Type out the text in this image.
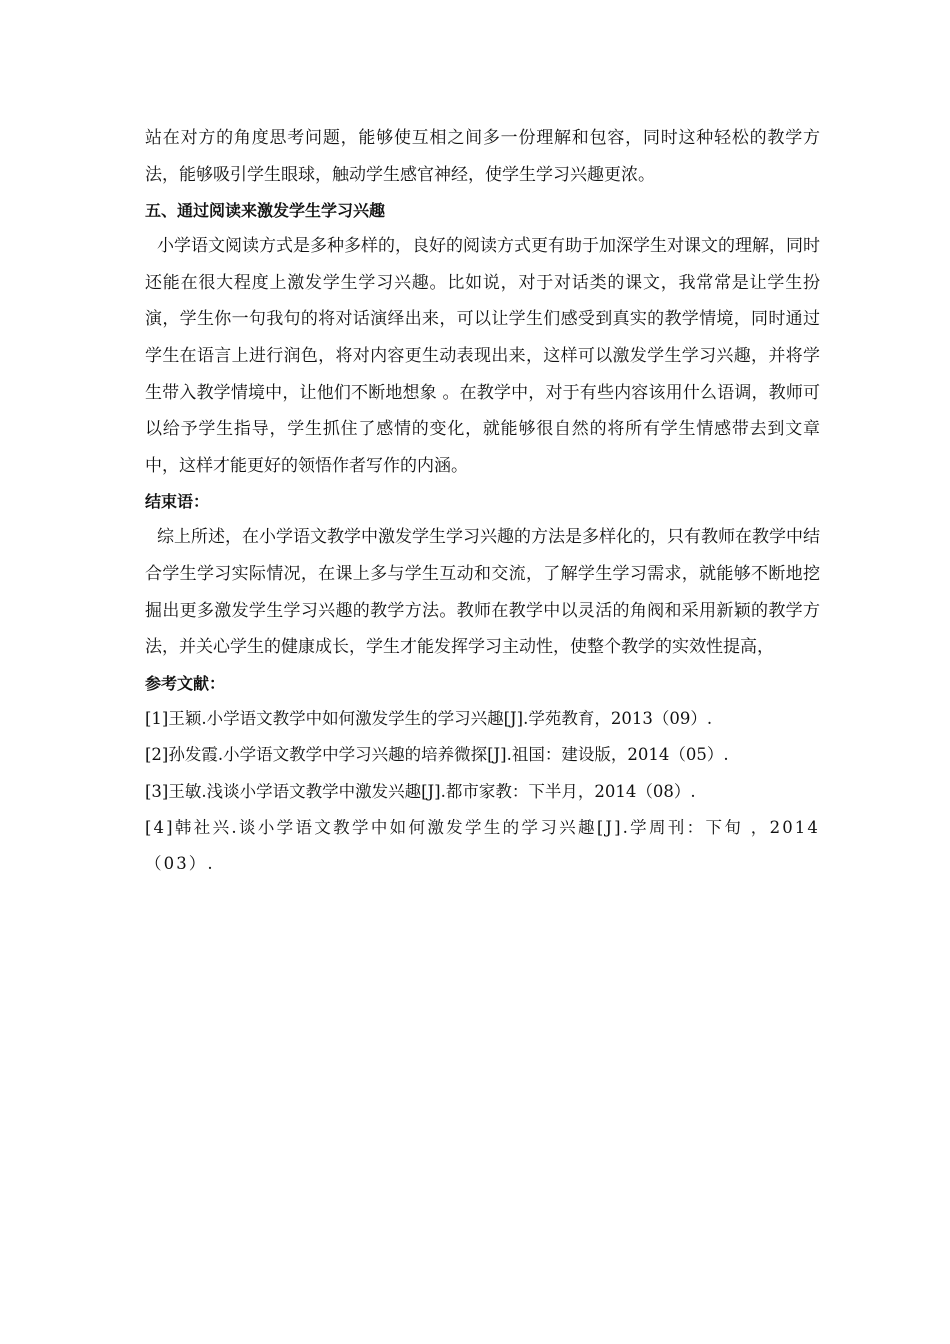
站在对方的角度思考问题，能够使互相之间多一份理解和包容，同时这种轻松的教学方法，能够吸引学生眼球，触动学生感官神经，使学生学习兴趣更浓。

五、通过阅读来激发学生学习兴趣

小学语文阅读方式是多种多样的，良好的阅读方式更有助于加深学生对课文的理解，同时还能在很大程度上激发学生学习兴趣。比如说，对于对话类的课文，我常常是让学生扮演，学生你一句我句的将对话演绎出来，可以让学生们感受到真实的教学情境，同时通过学生在语言上进行润色，将对内容更生动表现出来，这样可以激发学生学习兴趣，并将学生带入教学情境中，让他们不断地想象 。在教学中，对于有些内容该用什么语调，教师可以给予学生指导，学生抓住了感情的变化，就能够很自然的将所有学生情感带去到文章中，这样才能更好的领悟作者写作的内涵。

结束语：

综上所述，在小学语文教学中激发学生学习兴趣的方法是多样化的，只有教师在教学中结合学生学习实际情况，在课上多与学生互动和交流，了解学生学习需求，就能够不断地挖掘出更多激发学生学习兴趣的教学方法。教师在教学中以灵活的角阀和采用新颖的教学方法，并关心学生的健康成长，学生才能发挥学习主动性，使整个教学的实效性提高，

参考文献：
[1]王颖.小学语文教学中如何激发学生的学习兴趣[J].学苑教育，2013（09）.
[2]孙发霞.小学语文教学中学习兴趣的培养微探[J].祖国：建设版，2014（05）.
[3]王敏.浅谈小学语文教学中激发兴趣[J].都市家教：下半月，2014（08）.
[4]韩社兴.谈小学语文教学中如何激发学生的学习兴趣[J].学周刊：下旬 ，2014（03）.
